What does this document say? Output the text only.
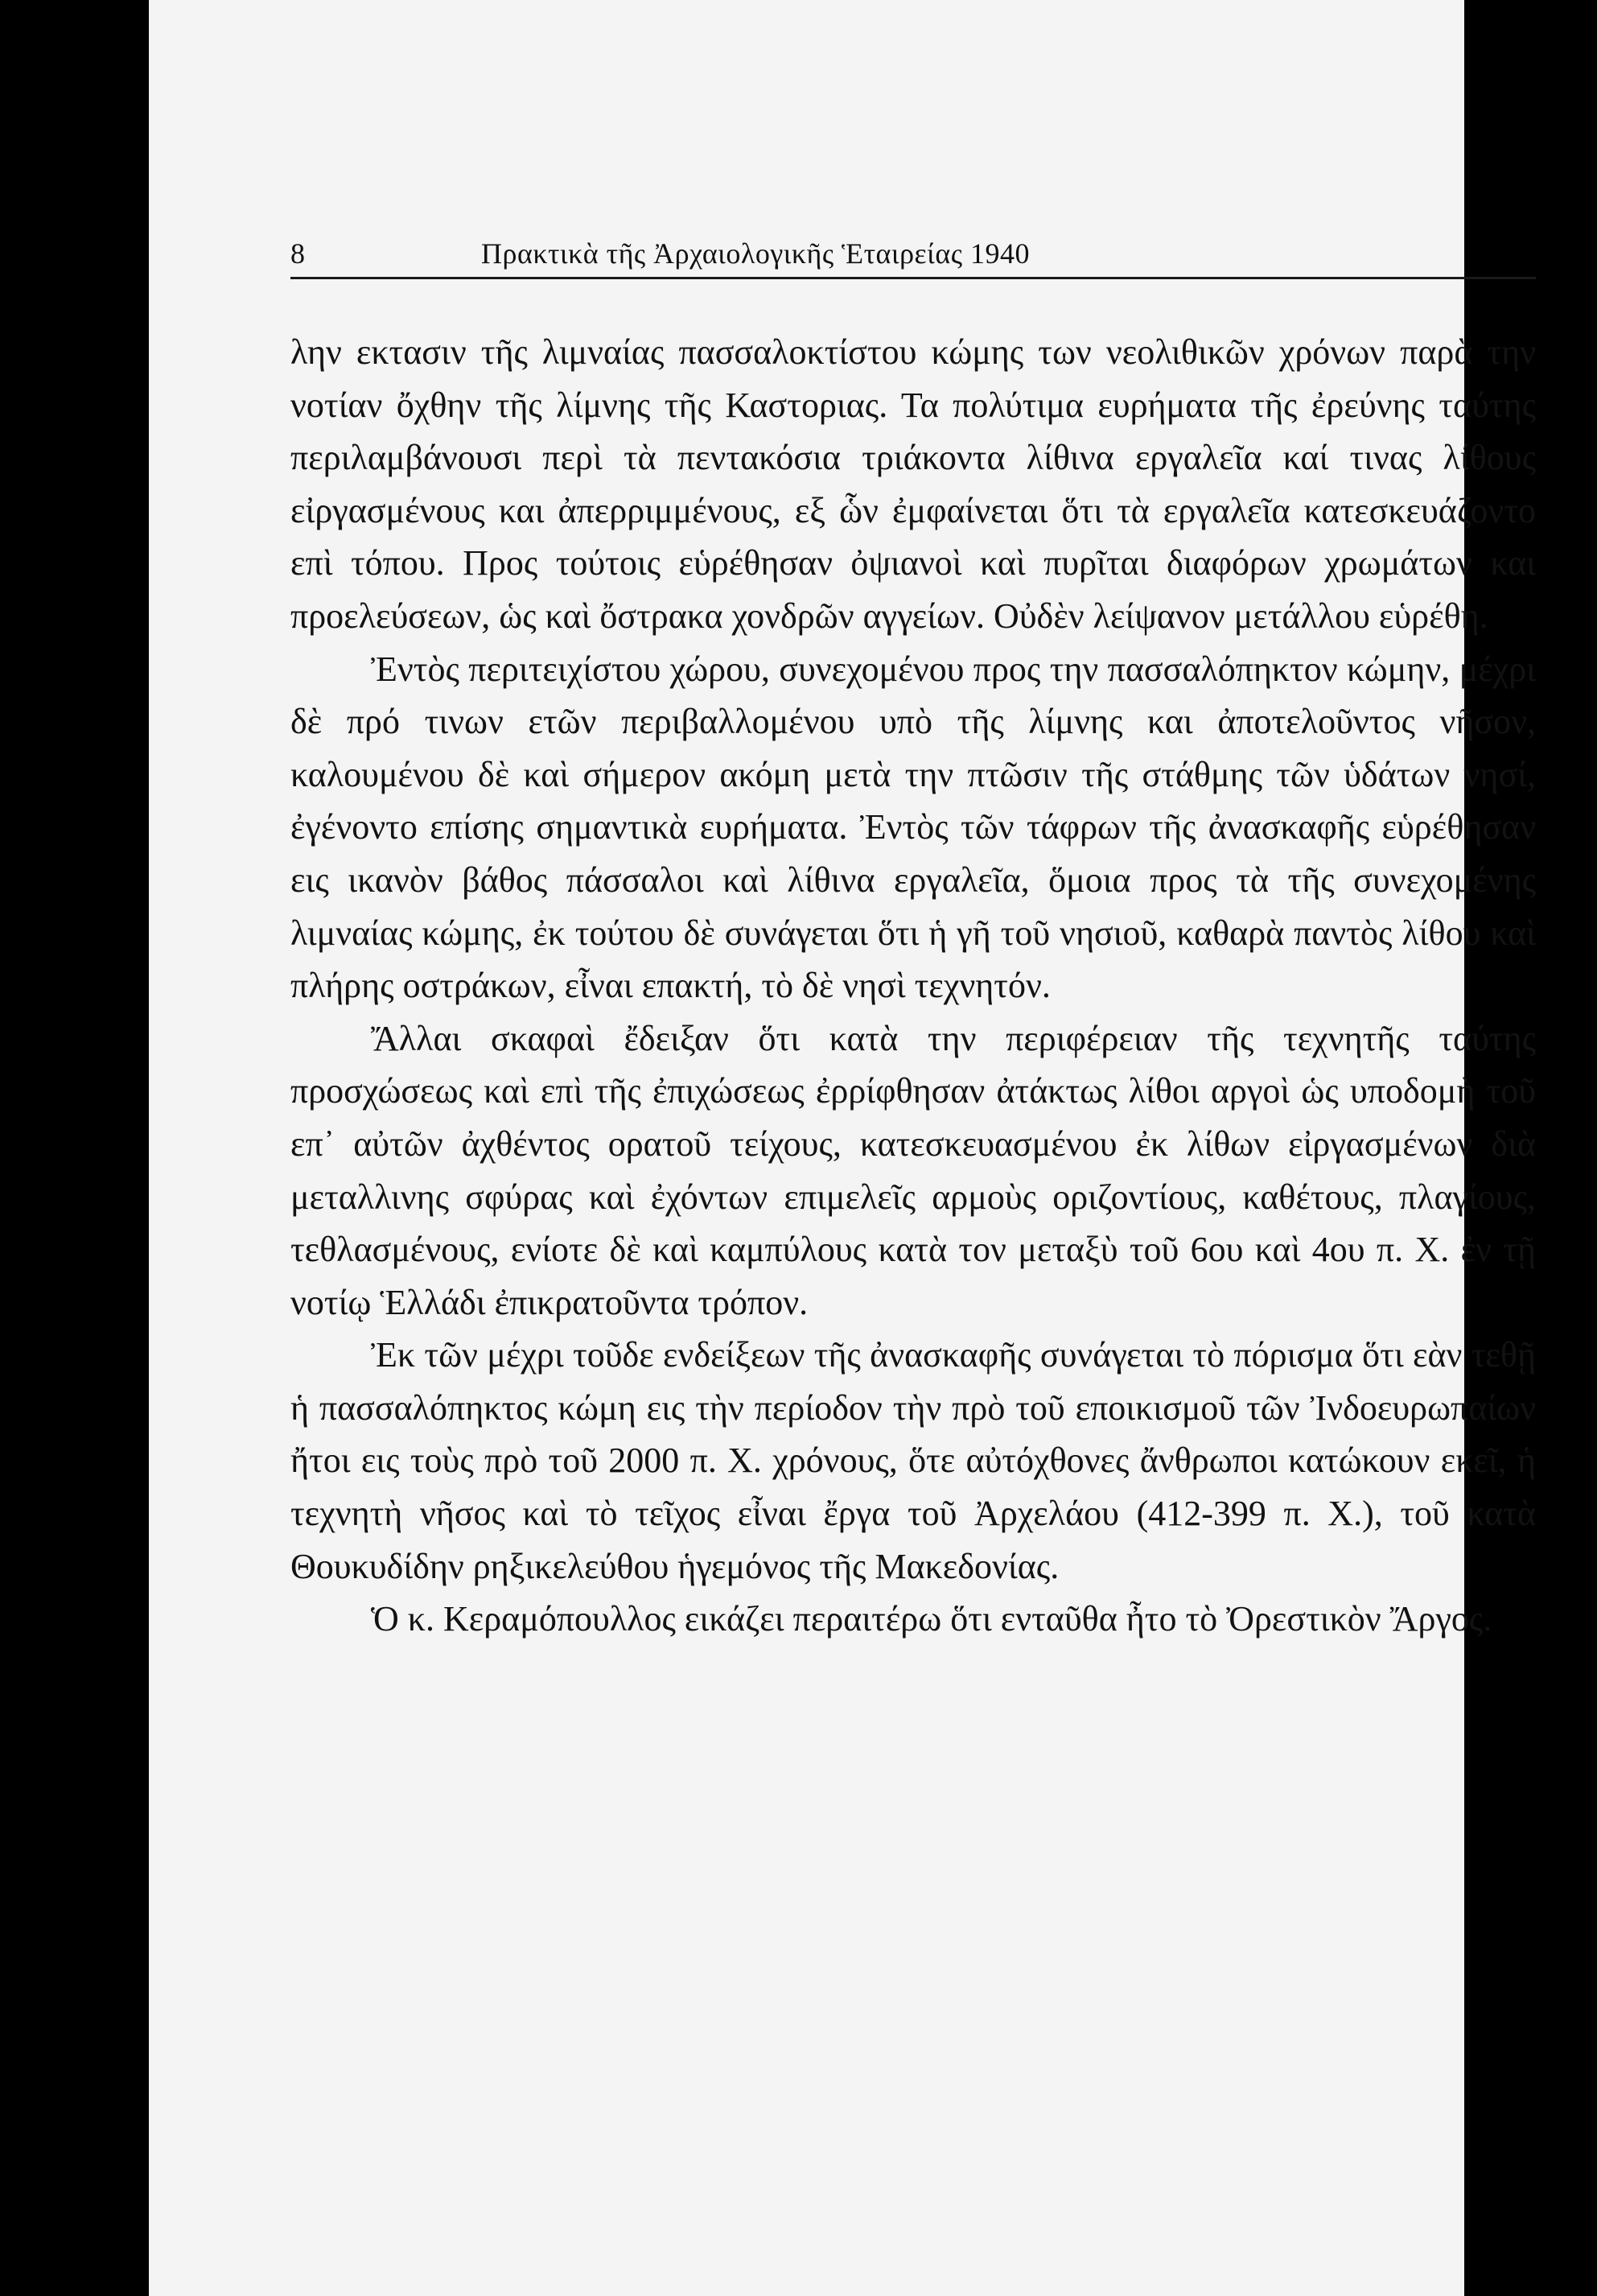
8	Πρακτικὰ τῆς Ἀρχαιολογικῆς Ἑταιρείας 1940

λην εκτασιν τῆς λιμναίας πασσαλοκτίστου κώμης των νεολιθικῶν χρόνων παρὰ την νοτίαν ὄχθην τῆς λίμνης τῆς Καστοριας. Τα πολύτιμα ευρήματα τῆς ἐρεύνης ταύτης περιλαμβάνουσι περὶ τὰ πεντακόσια τριάκοντα λίθινα εργαλεῖα καί τινας λίθους εἰργασμένους και ἀπερριμμένους, εξ ὧν ἐμφαίνεται ὅτι τὰ εργαλεῖα κατεσκευάζοντο επὶ τόπου. Προς τούτοις εὑρέθησαν ὀψιανοὶ καὶ πυρῖται διαφόρων χρωμάτων και προελεύσεων, ὡς καὶ ὄστρακα χονδρῶν αγγείων. Οὐδὲν λείψανον μετάλλου εὑρέθη.

Ἐντὸς περιτειχίστου χώρου, συνεχομένου προς την πασσαλόπηκτον κώμην, μέχρι δὲ πρό τινων ετῶν περιβαλλομένου υπὸ τῆς λίμνης και ἀποτελοῦντος νῆσον, καλουμένου δὲ καὶ σήμερον ακόμη μετὰ την πτῶσιν τῆς στάθμης τῶν ὑδάτων νησί, ἐγένοντο επίσης σημαντικὰ ευρήματα. Ἐντὸς τῶν τάφρων τῆς ἀνασκαφῆς εὑρέθησαν εις ικανὸν βάθος πάσσαλοι καὶ λίθινα εργαλεῖα, ὅμοια προς τὰ τῆς συνεχομένης λιμναίας κώμης, ἐκ τούτου δὲ συνάγεται ὅτι ἡ γῆ τοῦ νησιοῦ, καθαρὰ παντὸς λίθου καὶ πλήρης οστράκων, εἶναι επακτή, τὸ δὲ νησὶ τεχνητόν.

Ἄλλαι σκαφαὶ ἔδειξαν ὅτι κατὰ την περιφέρειαν τῆς τεχνητῆς ταύτης προσχώσεως καὶ επὶ τῆς ἐπιχώσεως ἐρρίφθησαν ἀτάκτως λίθοι αργοὶ ὡς υποδομὴ τοῦ επ᾿ αὐτῶν ἀχθέντος ορατοῦ τείχους, κατεσκευασμένου ἐκ λίθων εἰργασμένων διὰ μεταλλινης σφύρας καὶ ἐχόντων επιμελεῖς αρμοὺς οριζοντίους, καθέτους, πλαγίους, τεθλασμένους, ενίοτε δὲ καὶ καμπύλους κατὰ τον μεταξὺ τοῦ 6ου καὶ 4ου π. Χ. ἐν τῇ νοτίῳ Ἑλλάδι ἐπικρατοῦντα τρόπον.

Ἐκ τῶν μέχρι τοῦδε ενδείξεων τῆς ἀνασκαφῆς συνάγεται τὸ πόρισμα ὅτι εὰν τεθῇ ἡ πασσαλόπηκτος κώμη εις τὴν περίοδον τὴν πρὸ τοῦ εποικισμοῦ τῶν Ἰνδοευρωπαίων ἤτοι εις τοὺς πρὸ τοῦ 2000 π. Χ. χρόνους, ὅτε αὐτόχθονες ἄνθρωποι κατώκουν εκεῖ, ἡ τεχνητὴ νῆσος καὶ τὸ τεῖχος εἶναι ἔργα τοῦ Ἀρχελάου (412-399 π. Χ.), τοῦ κατὰ Θουκυδίδην ρηξικελεύθου ἡγεμόνος τῆς Μακεδονίας.

Ὁ κ. Κεραμόπουλλος εικάζει περαιτέρω ὅτι ενταῦθα ἦτο τὸ Ὀρεστικὸν Ἄργος.
